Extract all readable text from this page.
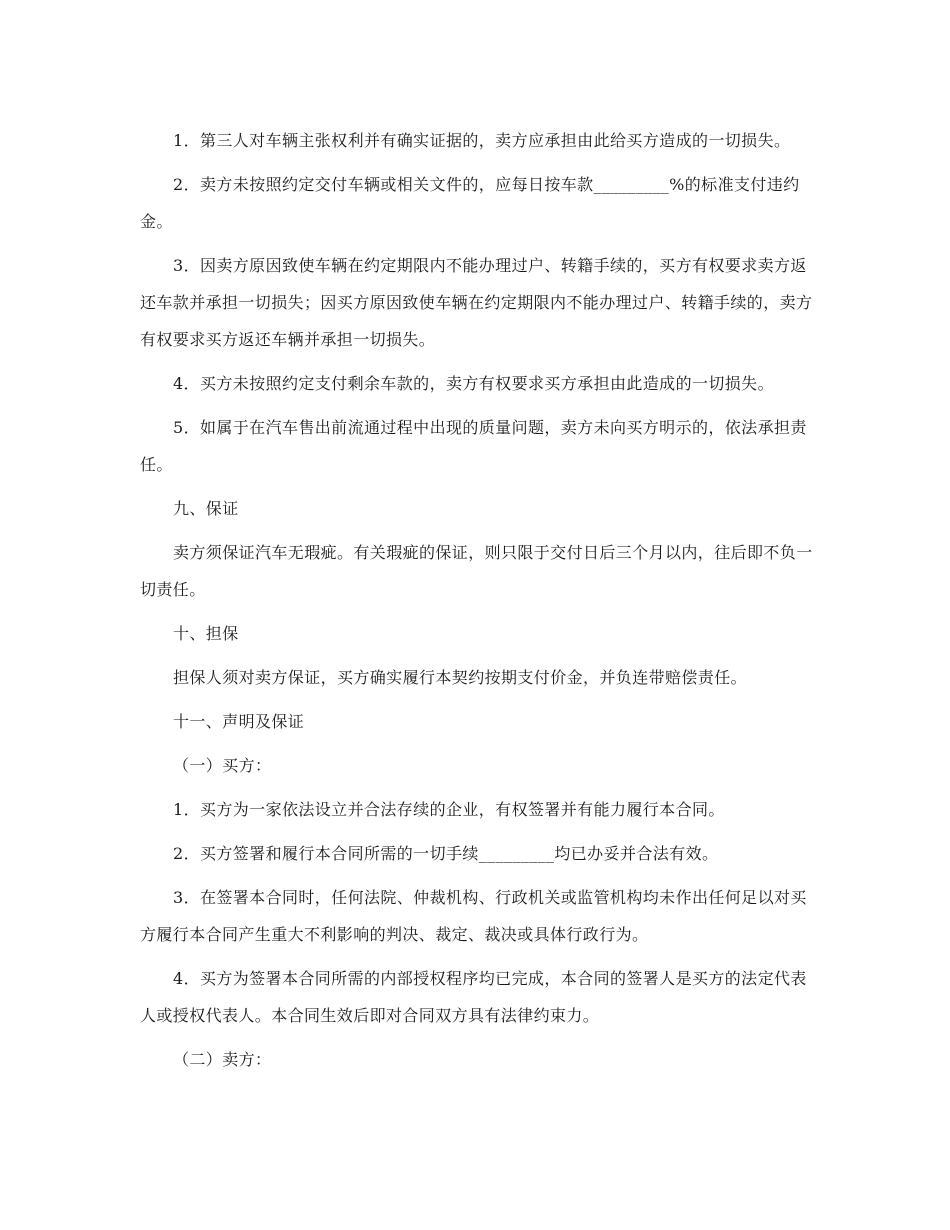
1．第三人对车辆主张权利并有确实证据的，卖方应承担由此给买方造成的一切损失。

2．卖方未按照约定交付车辆或相关文件的，应每日按车款_________%的标准支付违约金。

3．因卖方原因致使车辆在约定期限内不能办理过户、转籍手续的，买方有权要求卖方返还车款并承担一切损失；因买方原因致使车辆在约定期限内不能办理过户、转籍手续的，卖方有权要求买方返还车辆并承担一切损失。

4．买方未按照约定支付剩余车款的，卖方有权要求买方承担由此造成的一切损失。

5．如属于在汽车售出前流通过程中出现的质量问题，卖方未向买方明示的，依法承担责任。

九、保证

卖方须保证汽车无瑕疵。有关瑕疵的保证，则只限于交付日后三个月以内，往后即不负一切责任。

十、担保

担保人须对卖方保证，买方确实履行本契约按期支付价金，并负连带赔偿责任。

十一、声明及保证

（一）买方：

1．买方为一家依法设立并合法存续的企业，有权签署并有能力履行本合同。

2．买方签署和履行本合同所需的一切手续_________均已办妥并合法有效。

3．在签署本合同时，任何法院、仲裁机构、行政机关或监管机构均未作出任何足以对买方履行本合同产生重大不利影响的判决、裁定、裁决或具体行政行为。

4．买方为签署本合同所需的内部授权程序均已完成，本合同的签署人是买方的法定代表人或授权代表人。本合同生效后即对合同双方具有法律约束力。

（二）卖方：
